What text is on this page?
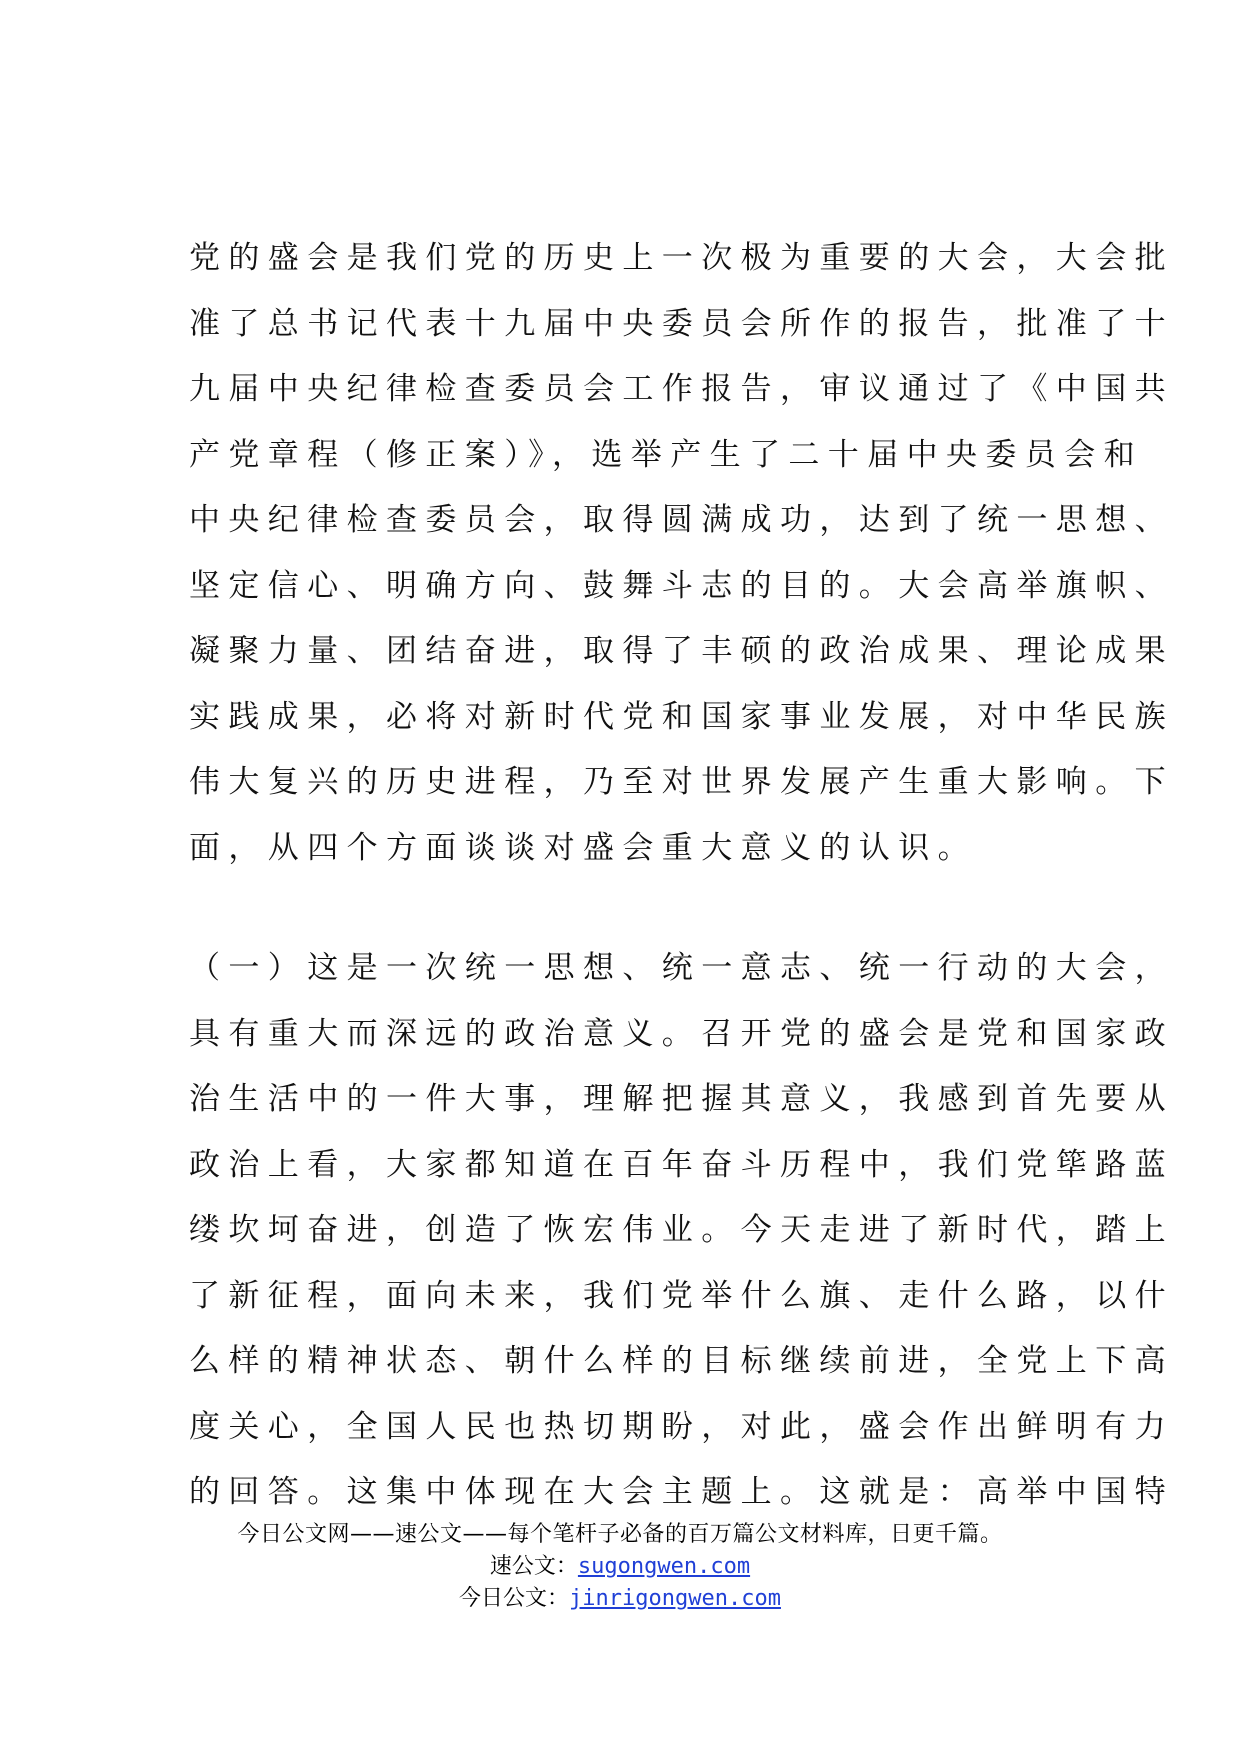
党的盛会是我们党的历史上一次极为重要的大会，大会批
准了总书记代表十九届中央委员会所作的报告，批准了十
九届中央纪律检查委员会工作报告，审议通过了《中国共
产党章程（修正案）》，选举产生了二十届中央委员会和
中央纪律检查委员会，取得圆满成功，达到了统一思想、
坚定信心、明确方向、鼓舞斗志的目的。大会高举旗帜、
凝聚力量、团结奋进，取得了丰硕的政治成果、理论成果
实践成果，必将对新时代党和国家事业发展，对中华民族
伟大复兴的历史进程，乃至对世界发展产生重大影响。下
面，从四个方面谈谈对盛会重大意义的认识。
（一）这是一次统一思想、统一意志、统一行动的大会，
具有重大而深远的政治意义。召开党的盛会是党和国家政
治生活中的一件大事，理解把握其意义，我感到首先要从
政治上看，大家都知道在百年奋斗历程中，我们党筚路蓝
缕坎坷奋进，创造了恢宏伟业。今天走进了新时代，踏上
了新征程，面向未来，我们党举什么旗、走什么路，以什
么样的精神状态、朝什么样的目标继续前进，全党上下高
度关心，全国人民也热切期盼，对此，盛会作出鲜明有力
的回答。这集中体现在大会主题上。这就是：高举中国特
今日公文网——速公文——每个笔杆子必备的百万篇公文材料库，日更千篇。
速公文：sugongwen.com
今日公文：jinrigongwen.com
